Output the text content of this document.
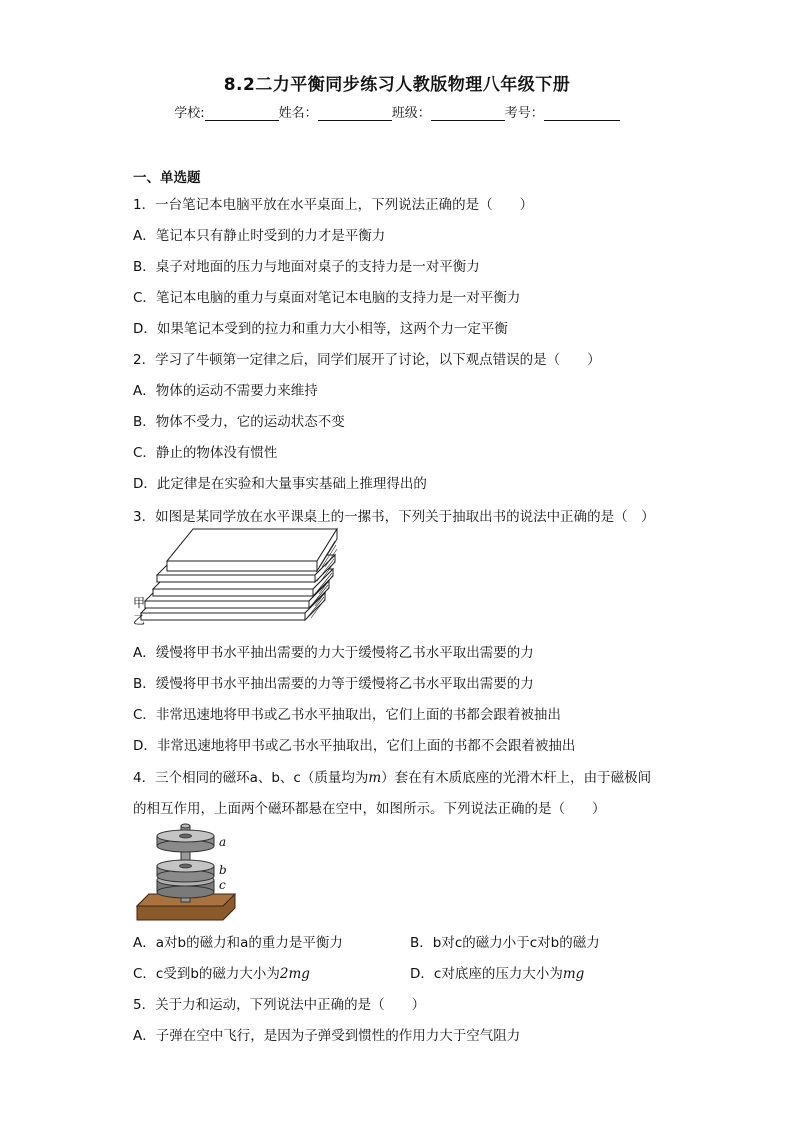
8.2二力平衡同步练习人教版物理八年级下册
学校:	姓名：	班级：	考号：
一、单选题
1．一台笔记本电脑平放在水平桌面上，下列说法正确的是（　　）
A．笔记本只有静止时受到的力才是平衡力
B．桌子对地面的压力与地面对桌子的支持力是一对平衡力
C．笔记本电脑的重力与桌面对笔记本电脑的支持力是一对平衡力
D．如果笔记本受到的拉力和重力大小相等，这两个力一定平衡
2．学习了牛顿第一定律之后，同学们展开了讨论，以下观点错误的是（　　）
A．物体的运动不需要力来维持
B．物体不受力，它的运动状态不变
C．静止的物体没有惯性
D．此定律是在实验和大量事实基础上推理得出的
3．如图是某同学放在水平课桌上的一摞书，下列关于抽取出书的说法中正确的是（　）
甲
乙
A．缓慢将甲书水平抽出需要的力大于缓慢将乙书水平取出需要的力
B．缓慢将甲书水平抽出需要的力等于缓慢将乙书水平取出需要的力
C．非常迅速地将甲书或乙书水平抽取出，它们上面的书都会跟着被抽出
D．非常迅速地将甲书或乙书水平抽取出，它们上面的书都不会跟着被抽出
4．三个相同的磁环a、b、c（质量均为m）套在有木质底座的光滑木杆上，由于磁极间
的相互作用，上面两个磁环都悬在空中，如图所示。下列说法正确的是（　　）
a
b
c
A．a对b的磁力和a的重力是平衡力	B．b对c的磁力小于c对b的磁力
C．c受到b的磁力大小为2mg	D．c对底座的压力大小为mg
5．关于力和运动，下列说法中正确的是（　　）
A．子弹在空中飞行，是因为子弹受到惯性的作用力大于空气阻力
